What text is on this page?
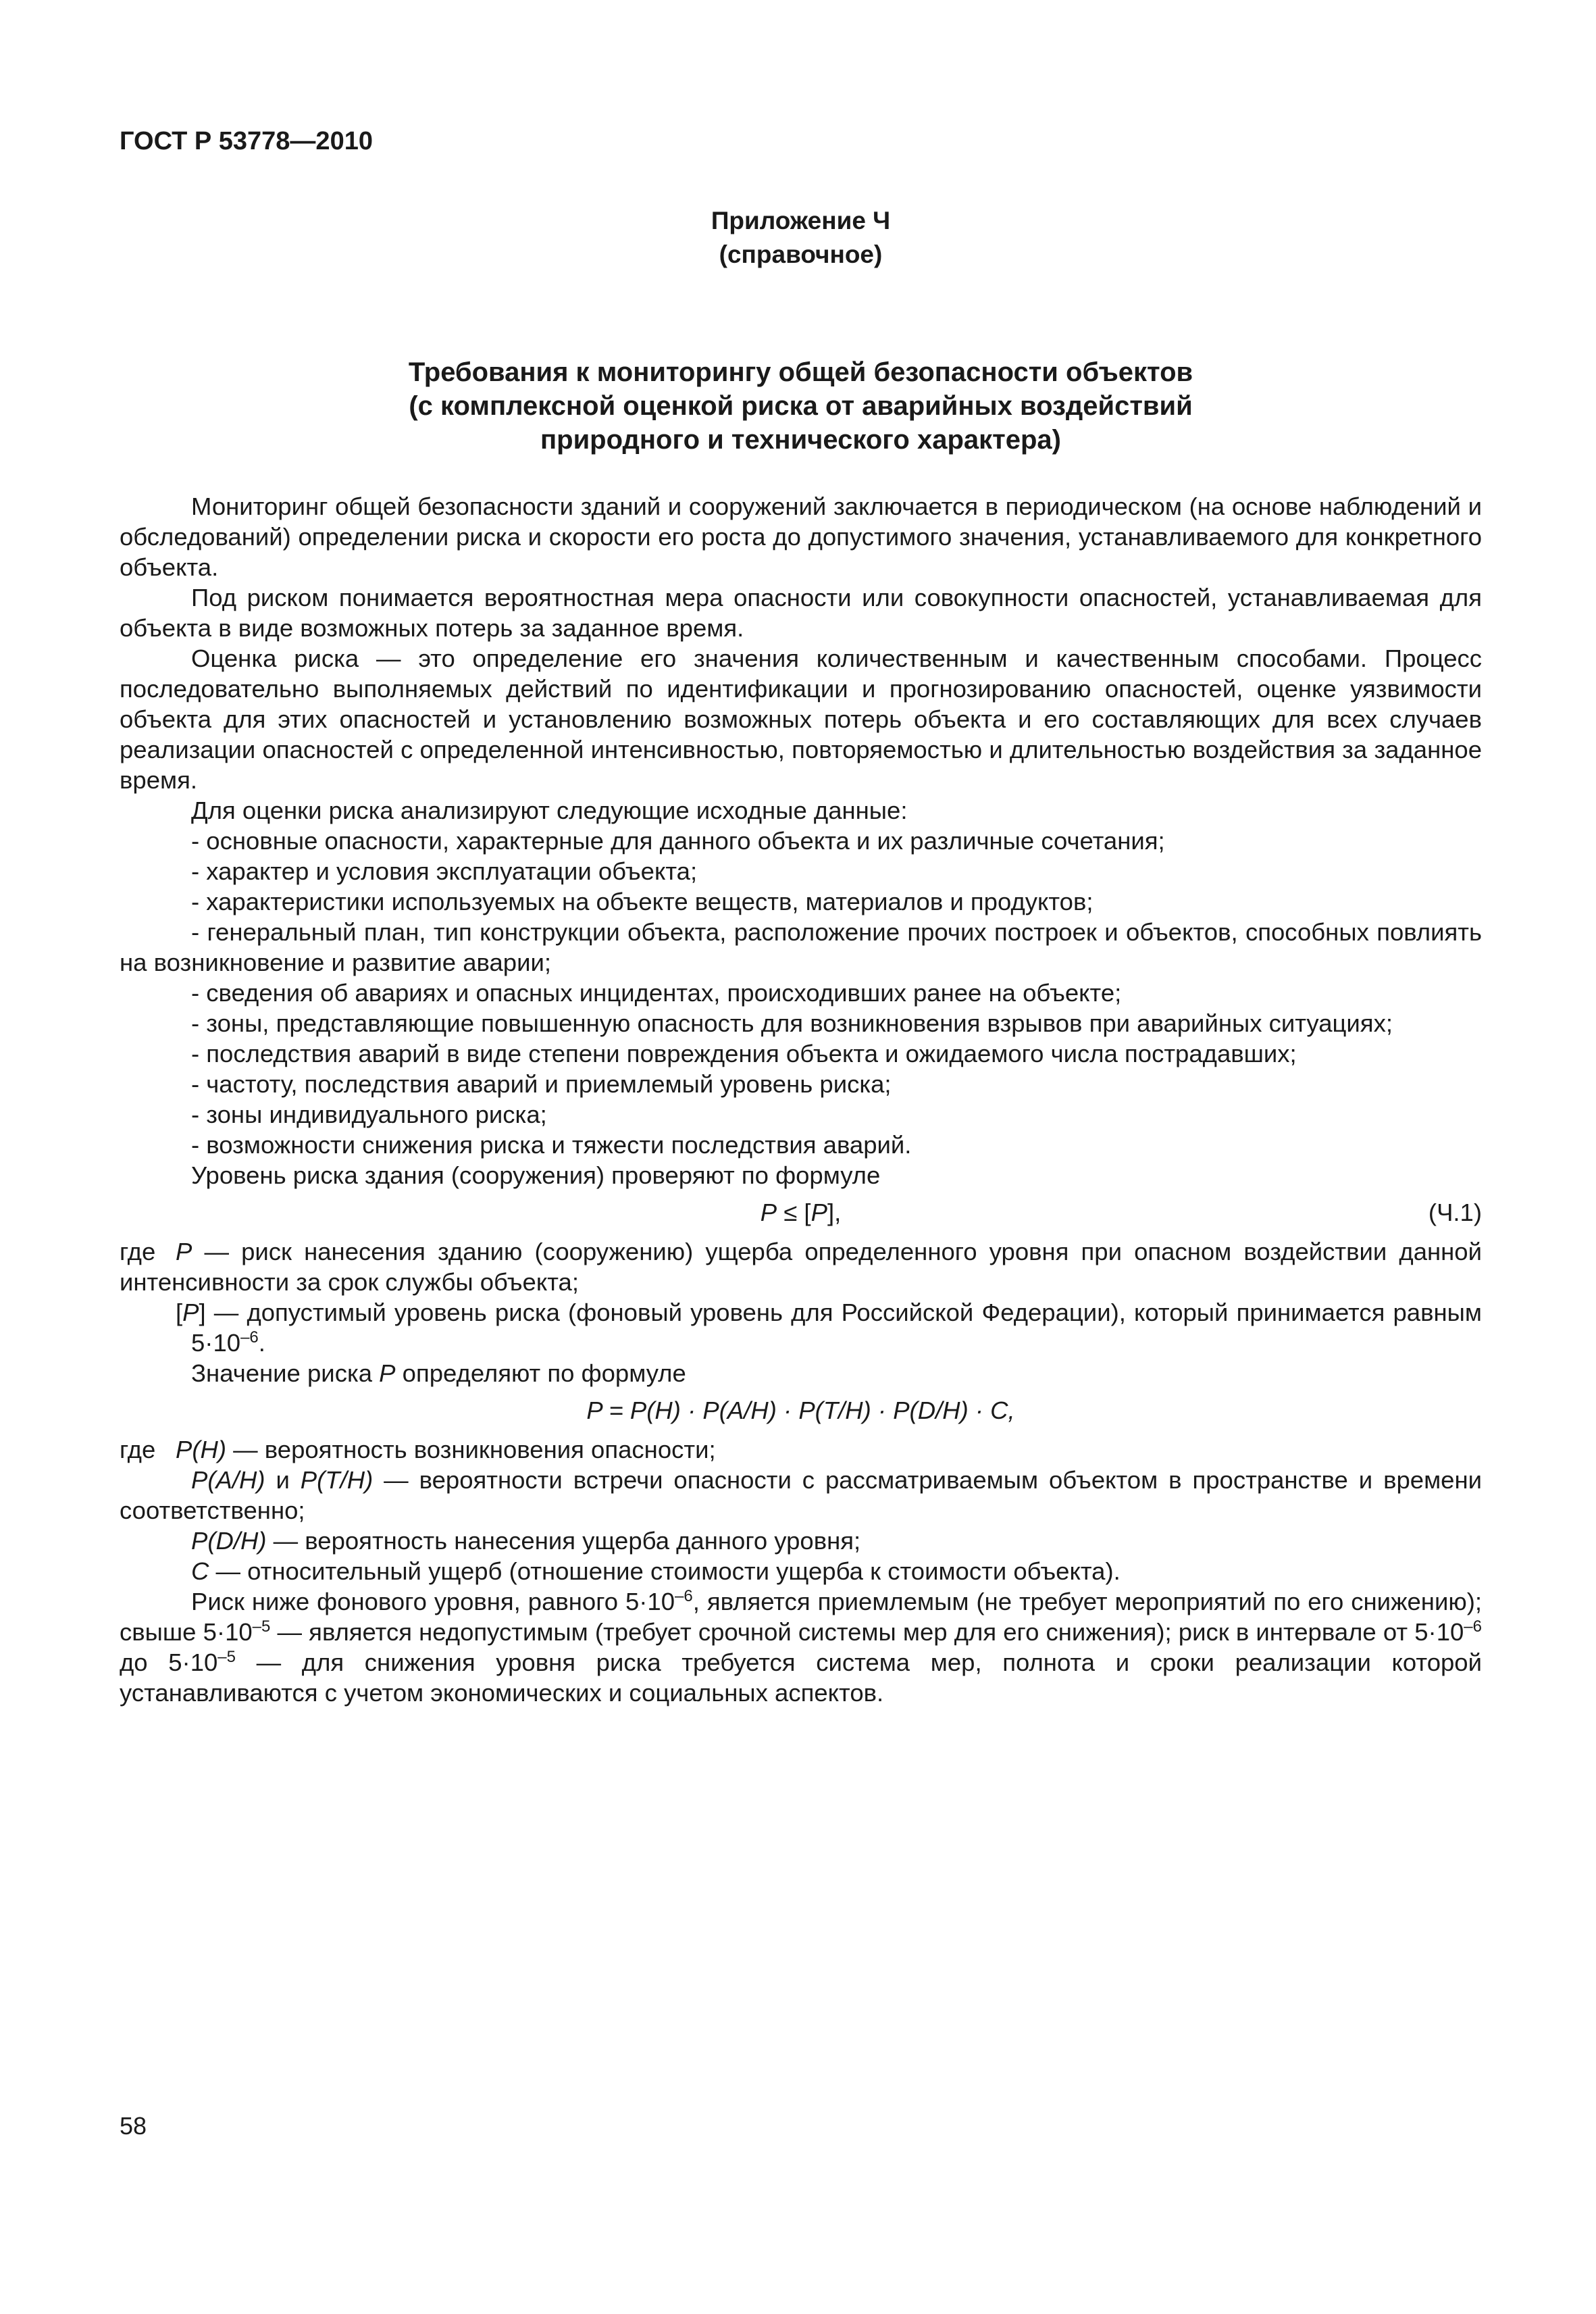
ГОСТ Р 53778—2010
Приложение Ч
(справочное)
Требования к мониторингу общей безопасности объектов
(с комплексной оценкой риска от аварийных воздействий
природного и технического характера)

Мониторинг общей безопасности зданий и сооружений заключается в периодическом (на основе наблюдений и обследований) определении риска и скорости его роста до допустимого значения, устанавливаемого для конкретного объекта.

Под риском понимается вероятностная мера опасности или совокупности опасностей, устанавливаемая для объекта в виде возможных потерь за заданное время.

Оценка риска — это определение его значения количественным и качественным способами. Процесс последовательно выполняемых действий по идентификации и прогнозированию опасностей, оценке уязвимости объекта для этих опасностей и установлению возможных потерь объекта и его составляющих для всех случаев реализации опасностей с определенной интенсивностью, повторяемостью и длительностью воздействия за заданное время.

Для оценки риска анализируют следующие исходные данные:

- основные опасности, характерные для данного объекта и их различные сочетания;

- характер и условия эксплуатации объекта;

- характеристики используемых на объекте веществ, материалов и продуктов;

- генеральный план, тип конструкции объекта, расположение прочих построек и объектов, способных повлиять на возникновение и развитие аварии;

- сведения об авариях и опасных инцидентах, происходивших ранее на объекте;

- зоны, представляющие повышенную опасность для возникновения взрывов при аварийных ситуациях;

- последствия аварий в виде степени повреждения объекта и ожидаемого числа пострадавших;

- частоту, последствия аварий и приемлемый уровень риска;

- зоны индивидуального риска;

- возможности снижения риска и тяжести последствия аварий.

Уровень риска здания (сооружения) проверяют по формуле

P ≤ [P],	(Ч.1)

где P — риск нанесения зданию (сооружению) ущерба определенного уровня при опасном воздействии данной интенсивности за срок службы объекта;

[P] — допустимый уровень риска (фоновый уровень для Российской Федерации), который принимается равным $5\cdot 10^{-6}$.

Значение риска P определяют по формуле

P = P(H) · P(A/H) · P(T/H) · P(D/H) · C,

где P(H) — вероятность возникновения опасности;

P(A/H) и P(T/H) — вероятности встречи опасности с рассматриваемым объектом в пространстве и времени соответственно;

P(D/H) — вероятность нанесения ущерба данного уровня;

C — относительный ущерб (отношение стоимости ущерба к стоимости объекта).

Риск ниже фонового уровня, равного $5\cdot 10^{-6}$, является приемлемым (не требует мероприятий по его снижению); свыше $5\cdot 10^{-5}$ — является недопустимым (требует срочной системы мер для его снижения); риск в интервале от $5\cdot 10^{-6}$ до $5\cdot 10^{-5}$ — для снижения уровня риска требуется система мер, полнота и сроки реализации которой устанавливаются с учетом экономических и социальных аспектов.

58
